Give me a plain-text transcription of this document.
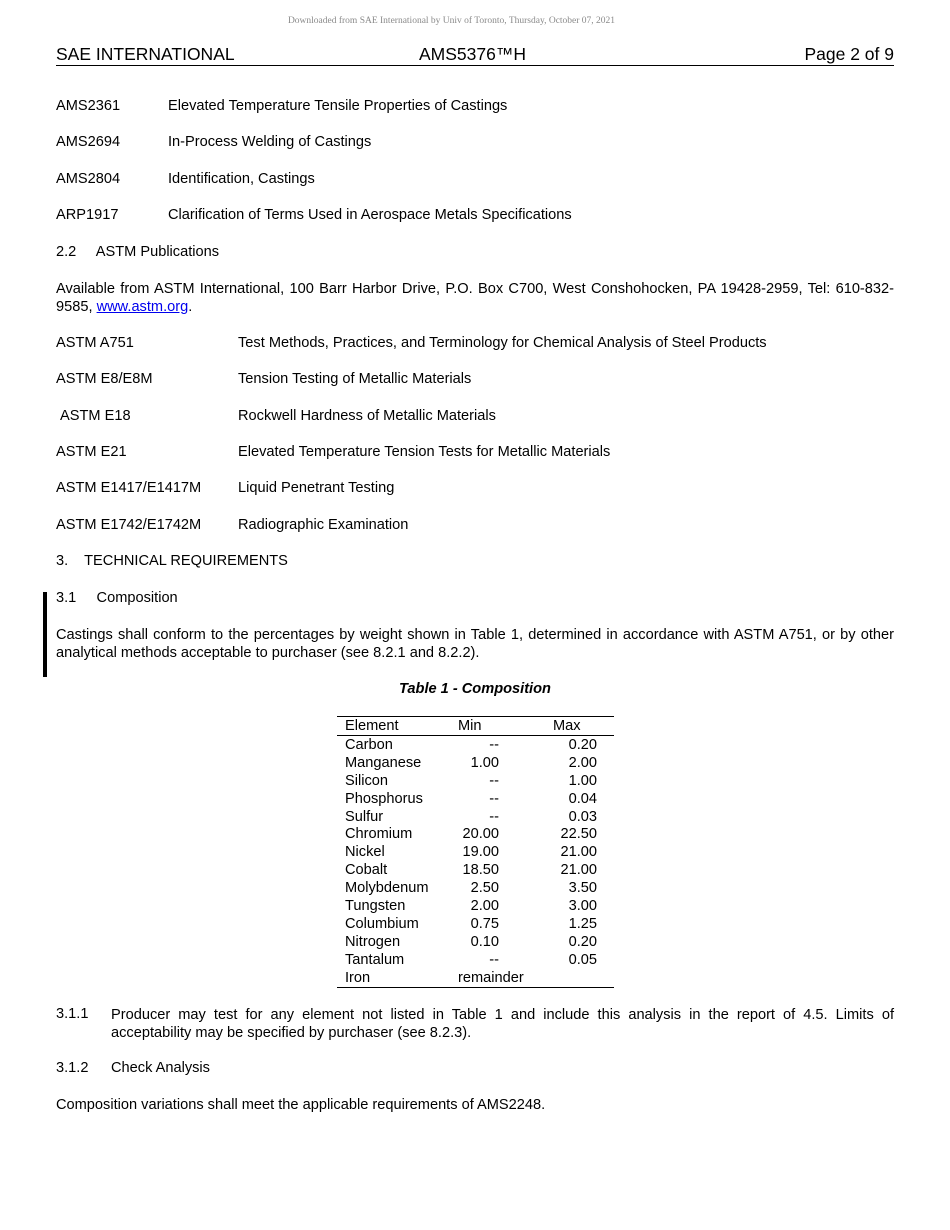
Downloaded from SAE International by Univ of Toronto, Thursday, October 07, 2021
SAE INTERNATIONAL	AMS5376™H	Page 2 of 9
AMS2361	Elevated Temperature Tensile Properties of Castings
AMS2694	In-Process Welding of Castings
AMS2804	Identification, Castings
ARP1917	Clarification of Terms Used in Aerospace Metals Specifications
2.2     ASTM Publications
Available from ASTM International, 100 Barr Harbor Drive, P.O. Box C700, West Conshohocken, PA 19428-2959, Tel: 610-832-9585, www.astm.org.
ASTM A751	Test Methods, Practices, and Terminology for Chemical Analysis of Steel Products
ASTM E8/E8M	Tension Testing of Metallic Materials
ASTM E18	Rockwell Hardness of Metallic Materials
ASTM E21	Elevated Temperature Tension Tests for Metallic Materials
ASTM E1417/E1417M	Liquid Penetrant Testing
ASTM E1742/E1742M	Radiographic Examination
3.    TECHNICAL REQUIREMENTS
3.1     Composition
Castings shall conform to the percentages by weight shown in Table 1, determined in accordance with ASTM A751, or by other analytical methods acceptable to purchaser (see 8.2.1 and 8.2.2).
Table 1 - Composition
Element	Min	Max
Carbon	--	0.20
Manganese	1.00	2.00
Silicon	--	1.00
Phosphorus	--	0.04
Sulfur	--	0.03
Chromium	20.00	22.50
Nickel	19.00	21.00
Cobalt	18.50	21.00
Molybdenum	2.50	3.50
Tungsten	2.00	3.00
Columbium	0.75	1.25
Nitrogen	0.10	0.20
Tantalum	--	0.05
Iron	remainder
3.1.1 Producer may test for any element not listed in Table 1 and include this analysis in the report of 4.5. Limits of acceptability may be specified by purchaser (see 8.2.3).
3.1.2 Check Analysis
Composition variations shall meet the applicable requirements of AMS2248.
